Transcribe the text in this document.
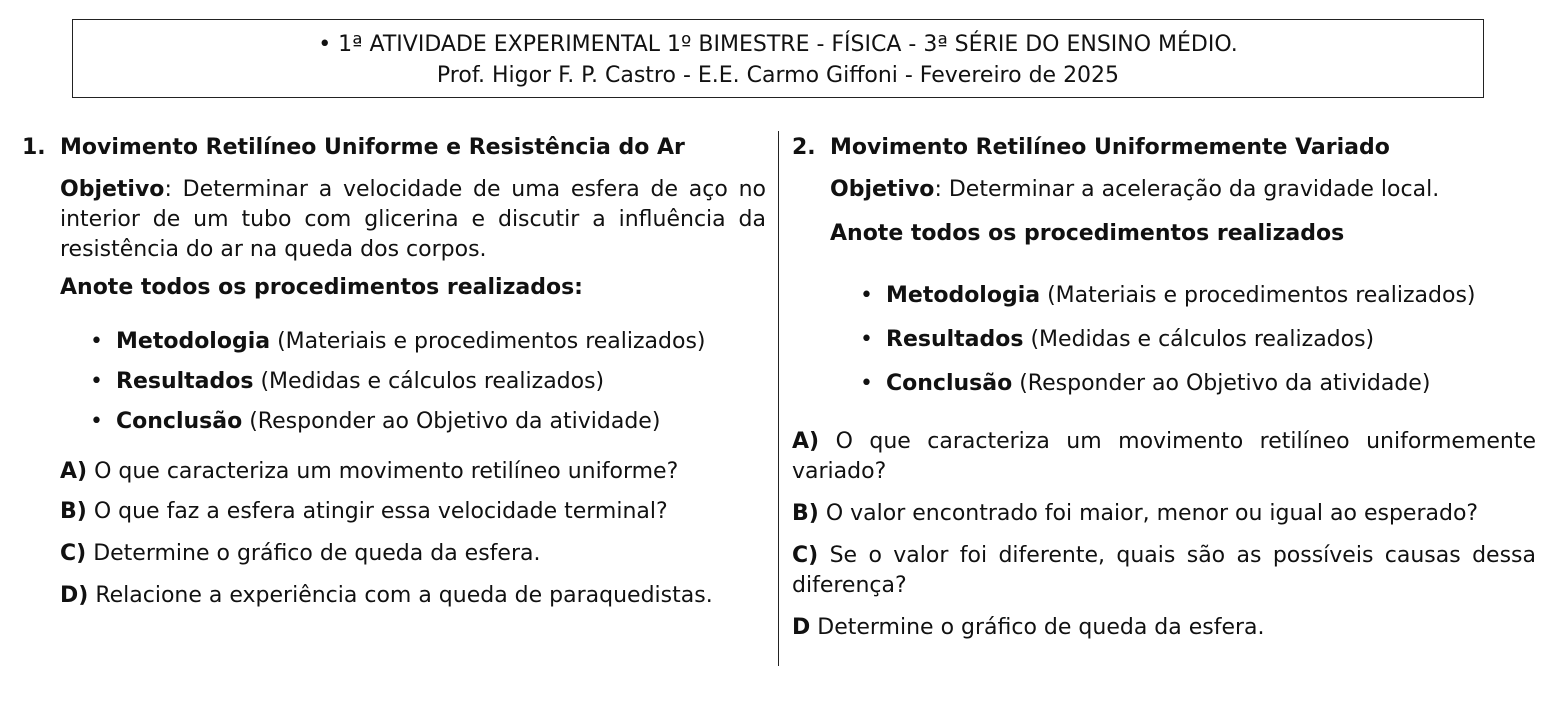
• 1ª ATIVIDADE EXPERIMENTAL 1º BIMESTRE - FÍSICA - 3ª SÉRIE DO ENSINO MÉDIO.
Prof. Higor F. P. Castro - E.E. Carmo Giffoni - Fevereiro de 2025
1. Movimento Retilíneo Uniforme e Resistência do Ar

Objetivo: Determinar a velocidade de uma esfera de aço no interior de um tubo com glicerina e discutir a influência da resistência do ar na queda dos corpos.

Anote todos os procedimentos realizados:

• Metodologia (Materiais e procedimentos realizados)
• Resultados (Medidas e cálculos realizados)
• Conclusão (Responder ao Objetivo da atividade)

A) O que caracteriza um movimento retilíneo uniforme?

B) O que faz a esfera atingir essa velocidade terminal?

C) Determine o gráfico de queda da esfera.

D) Relacione a experiência com a queda de paraquedistas.

2. Movimento Retilíneo Uniformemente Variado

Objetivo: Determinar a aceleração da gravidade local.

Anote todos os procedimentos realizados

• Metodologia (Materiais e procedimentos realizados)
• Resultados (Medidas e cálculos realizados)
• Conclusão (Responder ao Objetivo da atividade)

A) O que caracteriza um movimento retilíneo uniformemente variado?

B) O valor encontrado foi maior, menor ou igual ao esperado?

C) Se o valor foi diferente, quais são as possíveis causas dessa diferença?

D Determine o gráfico de queda da esfera.
